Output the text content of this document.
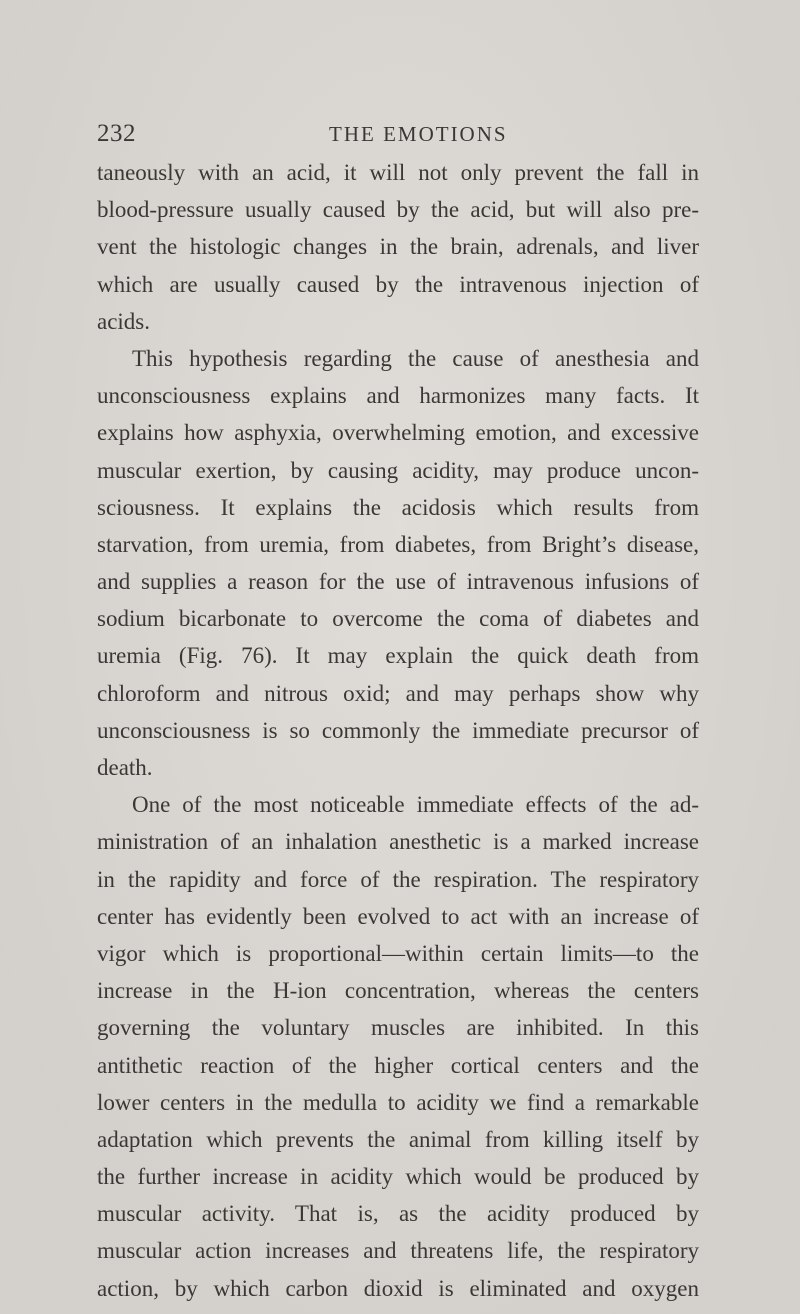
232	THE EMOTIONS
taneously with an acid, it will not only prevent the fall in
blood-pressure usually caused by the acid, but will also pre-
vent the histologic changes in the brain, adrenals, and liver
which are usually caused by the intravenous injection of
acids.
This hypothesis regarding the cause of anesthesia and
unconsciousness explains and harmonizes many facts. It
explains how asphyxia, overwhelming emotion, and excessive
muscular exertion, by causing acidity, may produce uncon-
sciousness. It explains the acidosis which results from
starvation, from uremia, from diabetes, from Bright’s disease,
and supplies a reason for the use of intravenous infusions of
sodium bicarbonate to overcome the coma of diabetes and
uremia (Fig. 76). It may explain the quick death from
chloroform and nitrous oxid; and may perhaps show why
unconsciousness is so commonly the immediate precursor of
death.
One of the most noticeable immediate effects of the ad-
ministration of an inhalation anesthetic is a marked increase
in the rapidity and force of the respiration. The respiratory
center has evidently been evolved to act with an increase of
vigor which is proportional—within certain limits—to the
increase in the H-ion concentration, whereas the centers
governing the voluntary muscles are inhibited. In this
antithetic reaction of the higher cortical centers and the
lower centers in the medulla to acidity we find a remarkable
adaptation which prevents the animal from killing itself by
the further increase in acidity which would be produced by
muscular activity. That is, as the acidity produced by
muscular action increases and threatens life, the respiratory
action, by which carbon dioxid is eliminated and oxygen
